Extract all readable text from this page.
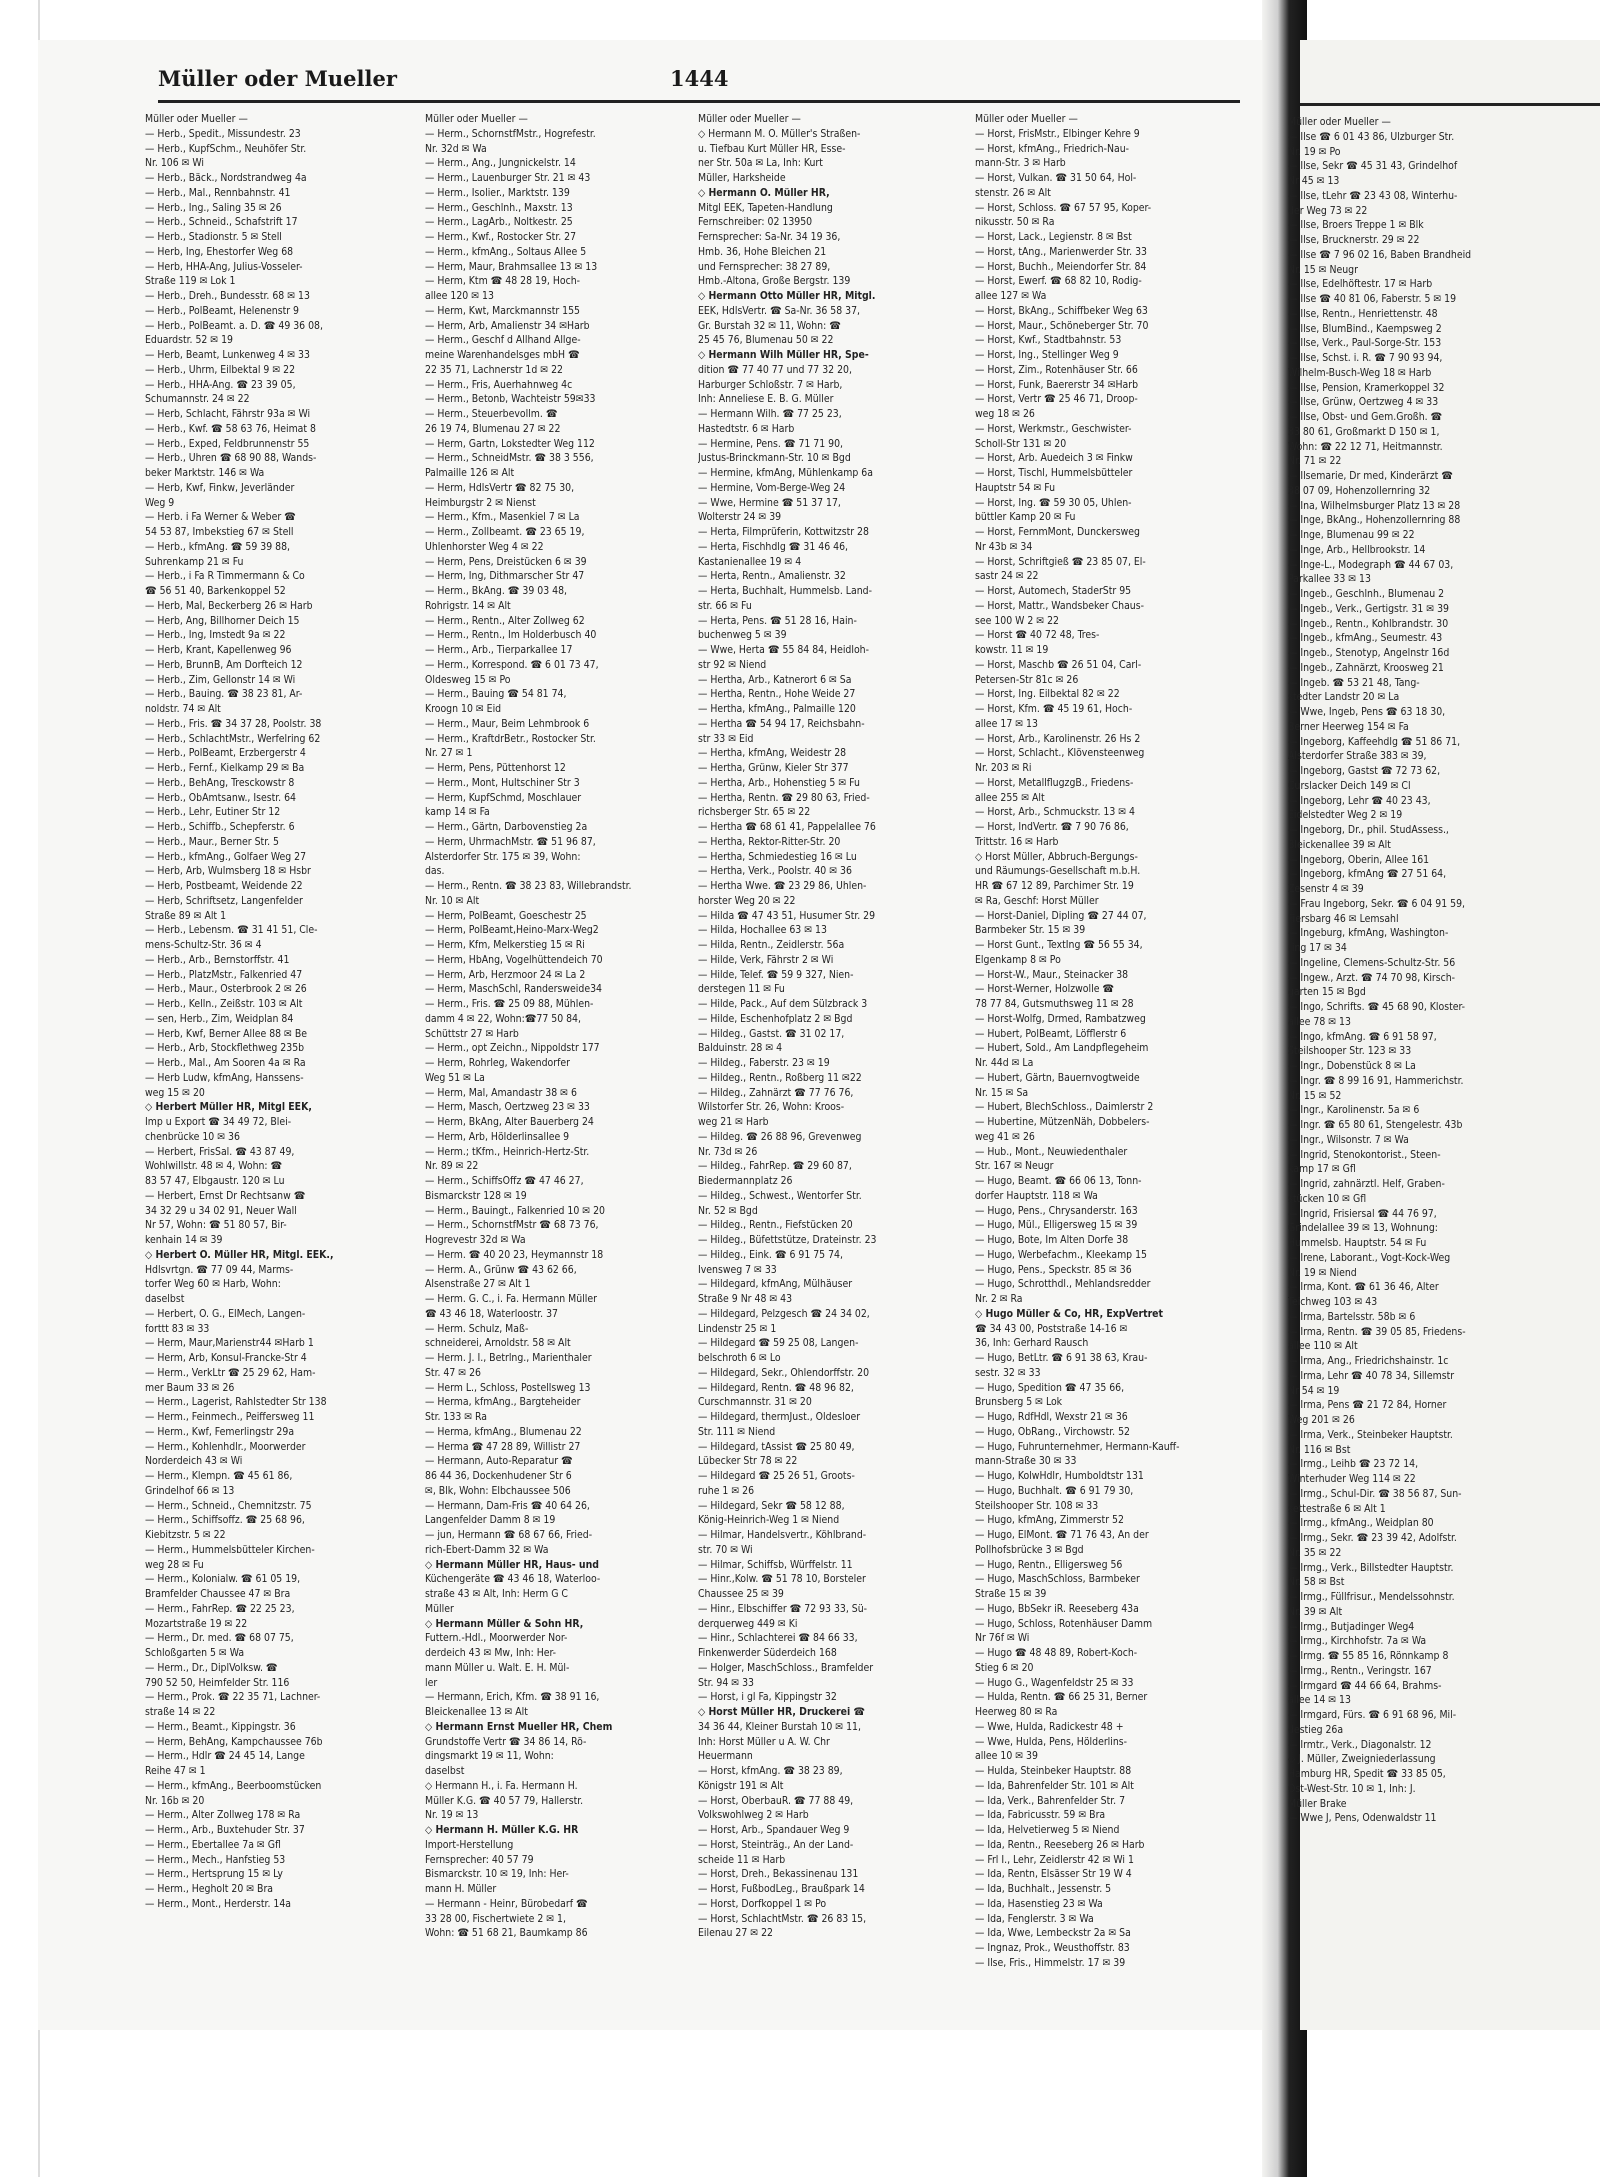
Müller oder Mueller	1444
Müller oder Mueller —
— Herb., Spedit., Missundestr. 23
— Herb., KupfSchm., Neuhöfer Str.
Nr. 106 ✉ Wi
— Herb., Bäck., Nordstrandweg 4a
— Herb., Mal., Rennbahnstr. 41
— Herb., Ing., Saling 35 ✉ 26
— Herb., Schneid., Schafstrift 17
— Herb., Stadionstr. 5 ✉ Stell
— Herb, Ing, Ehestorfer Weg 68
— Herb, HHA-Ang, Julius-Vosseler-
Straße 119 ✉ Lok 1
— Herb., Dreh., Bundesstr. 68 ✉ 13
— Herb., PolBeamt, Helenenstr 9
— Herb., PolBeamt. a. D. ☎ 49 36 08,
Eduardstr. 52 ✉ 19
— Herb, Beamt, Lunkenweg 4 ✉ 33
— Herb., Uhrm, Eilbektal 9 ✉ 22
— Herb., HHA-Ang. ☎ 23 39 05,
Schumannstr. 24 ✉ 22
— Herb, Schlacht, Fährstr 93a ✉ Wi
— Herb., Kwf. ☎ 58 63 76, Heimat 8
— Herb., Exped, Feldbrunnenstr 55
— Herb., Uhren ☎ 68 90 88, Wands-
beker Marktstr. 146 ✉ Wa
— Herb, Kwf, Finkw, Jeverländer
Weg 9
— Herb. i Fa Werner & Weber ☎
54 53 87, Imbekstieg 67 ✉ Stell
— Herb., kfmAng. ☎ 59 39 88,
Suhrenkamp 21 ✉ Fu
— Herb., i Fa R Timmermann & Co
☎ 56 51 40, Barkenkoppel 52
— Herb, Mal, Beckerberg 26 ✉ Harb
— Herb, Ang, Billhorner Deich 15
— Herb., Ing, Imstedt 9a ✉ 22
— Herb, Krant, Kapellenweg 96
— Herb, BrunnB, Am Dorfteich 12
— Herb., Zim, Gellonstr 14 ✉ Wi
— Herb., Bauing. ☎ 38 23 81, Ar-
noldstr. 74 ✉ Alt
— Herb., Fris. ☎ 34 37 28, Poolstr. 38
— Herb., SchlachtMstr., Werfelring 62
— Herb., PolBeamt, Erzbergerstr 4
— Herb., Fernf., Kielkamp 29 ✉ Ba
— Herb., BehAng, Tresckowstr 8
— Herb., ObAmtsanw., Isestr. 64
— Herb., Lehr, Eutiner Str 12
— Herb., Schiffb., Schepferstr. 6
— Herb., Maur., Berner Str. 5
— Herb., kfmAng., Golfaer Weg 27
— Herb, Arb, Wulmsberg 18 ✉ Hsbr
— Herb, Postbeamt, Weidende 22
— Herb, Schriftsetz, Langenfelder
Straße 89 ✉ Alt 1
— Herb., Lebensm. ☎ 31 41 51, Cle-
mens-Schultz-Str. 36 ✉ 4
— Herb., Arb., Bernstorffstr. 41
— Herb., PlatzMstr., Falkenried 47
— Herb., Maur., Osterbrook 2 ✉ 26
— Herb., Kelln., Zeißstr. 103 ✉ Alt
— sen, Herb., Zim, Weidplan 84
— Herb, Kwf, Berner Allee 88 ✉ Be
— Herb., Arb, Stockflethweg 235b
— Herb., Mal., Am Sooren 4a ✉ Ra
— Herb Ludw, kfmAng, Hanssens-
weg 15 ✉ 20
◇ Herbert Müller HR, Mitgl EEK,
Imp u Export ☎ 34 49 72, Blei-
chenbrücke 10 ✉ 36
— Herbert, FrisSal. ☎ 43 87 49,
Wohlwillstr. 48 ✉ 4, Wohn: ☎
83 57 47, Elbgaustr. 120 ✉ Lu
— Herbert, Ernst Dr Rechtsanw ☎
34 32 29 u 34 02 91, Neuer Wall
Nr 57, Wohn: ☎ 51 80 57, Bir-
kenhain 14 ✉ 39
◇ Herbert O. Müller HR, Mitgl. EEK.,
Hdlsvrtgn. ☎ 77 09 44, Marms-
torfer Weg 60 ✉ Harb, Wohn:
daselbst
— Herbert, O. G., ElMech, Langen-
forttt 83 ✉ 33
— Herm, Maur,Marienstr44 ✉Harb 1
— Herm, Arb, Konsul-Francke-Str 4
— Herm., VerkLtr ☎ 25 29 62, Ham-
mer Baum 33 ✉ 26
— Herm., Lagerist, Rahlstedter Str 138
— Herm., Feinmech., Peiffersweg 11
— Herm., Kwf, Femerlingstr 29a
— Herm., Kohlenhdlr., Moorwerder
Norderdeich 43 ✉ Wi
— Herm., Klempn. ☎ 45 61 86,
Grindelhof 66 ✉ 13
— Herm., Schneid., Chemnitzstr. 75
— Herm., Schiffsoffz. ☎ 25 68 96,
Kiebitzstr. 5 ✉ 22
— Herm., Hummelsbütteler Kirchen-
weg 28 ✉ Fu
— Herm., Kolonialw. ☎ 61 05 19,
Bramfelder Chaussee 47 ✉ Bra
— Herm., FahrRep. ☎ 22 25 23,
Mozartstraße 19 ✉ 22
— Herm., Dr. med. ☎ 68 07 75,
Schloßgarten 5 ✉ Wa
— Herm., Dr., DiplVolksw. ☎
790 52 50, Heimfelder Str. 116
— Herm., Prok. ☎ 22 35 71, Lachner-
straße 14 ✉ 22
— Herm., Beamt., Kippingstr. 36
— Herm, BehAng, Kampchaussee 76b
— Herm., Hdlr ☎ 24 45 14, Lange
Reihe 47 ✉ 1
— Herm., kfmAng., Beerboomstücken
Nr. 16b ✉ 20
— Herm., Alter Zollweg 178 ✉ Ra
— Herm., Arb., Buxtehuder Str. 37
— Herm., Ebertallee 7a ✉ Gfl
— Herm., Mech., Hanfstieg 53
— Herm., Hertsprung 15 ✉ Ly
— Herm., Hegholt 20 ✉ Bra
— Herm., Mont., Herderstr. 14a
Müller oder Mueller —
— Herm., SchornstfMstr., Hogrefestr.
Nr. 32d ✉ Wa
— Herm., Ang., Jungnickelstr. 14
— Herm., Lauenburger Str. 21 ✉ 43
— Herm., Isolier., Marktstr. 139
— Herm., Geschlnh., Maxstr. 13
— Herm., LagArb., Noltkestr. 25
— Herm., Kwf., Rostocker Str. 27
— Herm., kfmAng., Soltaus Allee 5
— Herm, Maur, Brahmsallee 13 ✉ 13
— Herm, Ktm ☎ 48 28 19, Hoch-
allee 120 ✉ 13
— Herm, Kwt, Marckmannstr 155
— Herm, Arb, Amalienstr 34 ✉Harb
— Herm., Geschf d Allhand Allge-
meine Warenhandelsges mbH ☎
22 35 71, Lachnerstr 1d ✉ 22
— Herm., Fris, Auerhahnweg 4c
— Herm., Betonb, Wachteistr 59✉33
— Herm., Steuerbevollm. ☎
26 19 74, Blumenau 27 ✉ 22
— Herm, Gartn, Lokstedter Weg 112
— Herm., SchneidMstr. ☎ 38 3 556,
Palmaille 126 ✉ Alt
— Herm, HdlsVertr ☎ 82 75 30,
Heimburgstr 2 ✉ Nienst
— Herm., Kfm., Masenkiel 7 ✉ La
— Herm., Zollbeamt. ☎ 23 65 19,
Uhlenhorster Weg 4 ✉ 22
— Herm, Pens, Dreistücken 6 ✉ 39
— Herm, Ing, Dithmarscher Str 47
— Herm., BkAng. ☎ 39 03 48,
Rohrigstr. 14 ✉ Alt
— Herm., Rentn., Alter Zollweg 62
— Herm., Rentn., Im Holderbusch 40
— Herm., Arb., Tierparkallee 17
— Herm., Korrespond. ☎ 6 01 73 47,
Oldesweg 15 ✉ Po
— Herm., Bauing ☎ 54 81 74,
Kroogn 10 ✉ Eid
— Herm., Maur, Beim Lehmbrook 6
— Herm., KraftdrBetr., Rostocker Str.
Nr. 27 ✉ 1
— Herm, Pens, Püttenhorst 12
— Herm., Mont, Hultschiner Str 3
— Herm, KupfSchmd, Moschlauer
kamp 14 ✉ Fa
— Herm., Gärtn, Darbovenstieg 2a
— Herm, UhrmachMstr. ☎ 51 96 87,
Alsterdorfer Str. 175 ✉ 39, Wohn:
das.
— Herm., Rentn. ☎ 38 23 83, Willebrandstr.
Nr. 10 ✉ Alt
— Herm, PolBeamt, Goeschestr 25
— Herm, PolBeamt,Heino-Marx-Weg2
— Herm, Kfm, Melkerstieg 15 ✉ Ri
— Herm, HbAng, Vogelhüttendeich 70
— Herm, Arb, Herzmoor 24 ✉ La 2
— Herm, MaschSchl, Randersweide34
— Herm., Fris. ☎ 25 09 88, Mühlen-
damm 4 ✉ 22, Wohn:☎77 50 84,
Schüttstr 27 ✉ Harb
— Herm., opt Zeichn., Nippoldstr 177
— Herm, Rohrleg, Wakendorfer
Weg 51 ✉ La
— Herm, Mal, Amandastr 38 ✉ 6
— Herm, Masch, Oertzweg 23 ✉ 33
— Herm, BkAng, Alter Bauerberg 24
— Herm, Arb, Hölderlinsallee 9
— Herm.; tKfm., Heinrich-Hertz-Str.
Nr. 89 ✉ 22
— Herm., SchiffsOffz ☎ 47 46 27,
Bismarckstr 128 ✉ 19
— Herm., Bauingt., Falkenried 10 ✉ 20
— Herm., SchornstfMstr ☎ 68 73 76,
Hogrevestr 32d ✉ Wa
— Herm. ☎ 40 20 23, Heymannstr 18
— Herm. A., Grünw ☎ 43 62 66,
Alsenstraße 27 ✉ Alt 1
— Herm. G. C., i. Fa. Hermann Müller
☎ 43 46 18, Waterloostr. 37
— Herm. Schulz, Maß-
schneiderei, Arnoldstr. 58 ✉ Alt
— Herm. J. I., Betrlng., Marienthaler
Str. 47 ✉ 26
— Herm L., Schloss, Postellsweg 13
— Herma, kfmAng., Bargteheider
Str. 133 ✉ Ra
— Herma, kfmAng., Blumenau 22
— Herma ☎ 47 28 89, Willistr 27
— Hermann, Auto-Reparatur ☎
86 44 36, Dockenhudener Str 6
✉, Blk, Wohn: Elbchaussee 506
— Hermann, Dam-Fris ☎ 40 64 26,
Langenfelder Damm 8 ✉ 19
— jun, Hermann ☎ 68 67 66, Fried-
rich-Ebert-Damm 32 ✉ Wa
◇ Hermann Müller HR, Haus- und
Küchengeräte ☎ 43 46 18, Waterloo-
straße 43 ✉ Alt, Inh: Herm G C
Müller
◇ Hermann Müller & Sohn HR,
Futtern.-Hdl., Moorwerder Nor-
derdeich 43 ✉ Mw, Inh: Her-
mann Müller u. Walt. E. H. Mül-
ler
— Hermann, Erich, Kfm. ☎ 38 91 16,
Bleickenallee 13 ✉ Alt
◇ Hermann Ernst Mueller HR, Chem
Grundstoffe Vertr ☎ 34 86 14, Rö-
dingsmarkt 19 ✉ 11, Wohn:
daselbst
◇ Hermann H., i. Fa. Hermann H.
Müller K.G. ☎ 40 57 79, Hallerstr.
Nr. 19 ✉ 13
◇ Hermann H. Müller K.G. HR
Import-Herstellung
Fernsprecher: 40 57 79
Bismarckstr. 10 ✉ 19, Inh: Her-
mann H. Müller
— Hermann - Heinr, Bürobedarf ☎
33 28 00, Fischertwiete 2 ✉ 1,
Wohn: ☎ 51 68 21, Baumkamp 86
Müller oder Mueller —
◇ Hermann M. O. Müller's Straßen-
u. Tiefbau Kurt Müller HR, Esse-
ner Str. 50a ✉ La, Inh: Kurt
Müller, Harksheide
◇ Hermann O. Müller HR,
Mitgl EEK, Tapeten-Handlung
Fernschreiber: 02 13950
Fernsprecher: Sa-Nr. 34 19 36,
Hmb. 36, Hohe Bleichen 21
und Fernsprecher: 38 27 89,
Hmb.-Altona, Große Bergstr. 139
◇ Hermann Otto Müller HR, Mitgl.
EEK, HdlsVertr. ☎ Sa-Nr. 36 58 37,
Gr. Burstah 32 ✉ 11, Wohn: ☎
25 45 76, Blumenau 50 ✉ 22
◇ Hermann Wilh Müller HR, Spe-
dition ☎ 77 40 77 und 77 32 20,
Harburger Schloßstr. 7 ✉ Harb,
Inh: Anneliese E. B. G. Müller
— Hermann Wilh. ☎ 77 25 23,
Hastedtstr. 6 ✉ Harb
— Hermine, Pens. ☎ 71 71 90,
Justus-Brinckmann-Str. 10 ✉ Bgd
— Hermine, kfmAng, Mühlenkamp 6a
— Hermine, Vom-Berge-Weg 24
— Wwe, Hermine ☎ 51 37 17,
Wolterstr 24 ✉ 39
— Herta, Filmprüferin, Kottwitzstr 28
— Herta, Fischhdlg ☎ 31 46 46,
Kastanienallee 19 ✉ 4
— Herta, Rentn., Amalienstr. 32
— Herta, Buchhalt, Hummelsb. Land-
str. 66 ✉ Fu
— Herta, Pens. ☎ 51 28 16, Hain-
buchenweg 5 ✉ 39
— Wwe, Herta ☎ 55 84 84, Heidloh-
str 92 ✉ Niend
— Hertha, Arb., Katnerort 6 ✉ Sa
— Hertha, Rentn., Hohe Weide 27
— Hertha, kfmAng., Palmaille 120
— Hertha ☎ 54 94 17, Reichsbahn-
str 33 ✉ Eid
— Hertha, kfmAng, Weidestr 28
— Hertha, Grünw, Kieler Str 377
— Hertha, Arb., Hohenstieg 5 ✉ Fu
— Hertha, Rentn. ☎ 29 80 63, Fried-
richsberger Str. 65 ✉ 22
— Hertha ☎ 68 61 41, Pappelallee 76
— Hertha, Rektor-Ritter-Str. 20
— Hertha, Schmiedestieg 16 ✉ Lu
— Hertha, Verk., Poolstr. 40 ✉ 36
— Hertha Wwe. ☎ 23 29 86, Uhlen-
horster Weg 20 ✉ 22
— Hilda ☎ 47 43 51, Husumer Str. 29
— Hilda, Hochallee 63 ✉ 13
— Hilda, Rentn., Zeidlerstr. 56a
— Hilde, Verk, Fährstr 2 ✉ Wi
— Hilde, Telef. ☎ 59 9 327, Nien-
derstegen 11 ✉ Fu
— Hilde, Pack., Auf dem Sülzbrack 3
— Hilde, Eschenhofplatz 2 ✉ Bgd
— Hildeg., Gastst. ☎ 31 02 17,
Balduinstr. 28 ✉ 4
— Hildeg., Faberstr. 23 ✉ 19
— Hildeg., Rentn., Roßberg 11 ✉22
— Hildeg., Zahnärzt ☎ 77 76 76,
Wilstorfer Str. 26, Wohn: Kroos-
weg 21 ✉ Harb
— Hildeg. ☎ 26 88 96, Grevenweg
Nr. 73d ✉ 26
— Hildeg., FahrRep. ☎ 29 60 87,
Biedermannplatz 26
— Hildeg., Schwest., Wentorfer Str.
Nr. 52 ✉ Bgd
— Hildeg., Rentn., Fiefstücken 20
— Hildeg., Büfettstütze, Drateinstr. 23
— Hildeg., Eink. ☎ 6 91 75 74,
Ivensweg 7 ✉ 33
— Hildegard, kfmAng, Mülhäuser
Straße 9 Nr 48 ✉ 43
— Hildegard, Pelzgesch ☎ 24 34 02,
Lindenstr 25 ✉ 1
— Hildegard ☎ 59 25 08, Langen-
belschroth 6 ✉ Lo
— Hildegard, Sekr., Ohlendorffstr. 20
— Hildegard, Rentn. ☎ 48 96 82,
Curschmannstr. 31 ✉ 20
— Hildegard, thermJust., Oldesloer
Str. 111 ✉ Niend
— Hildegard, tAssist ☎ 25 80 49,
Lübecker Str 78 ✉ 22
— Hildegard ☎ 25 26 51, Groots-
ruhe 1 ✉ 26
— Hildegard, Sekr ☎ 58 12 88,
König-Heinrich-Weg 1 ✉ Niend
— Hilmar, Handelsvertr., Köhlbrand-
str. 70 ✉ Wi
— Hilmar, Schiffsb, Würffelstr. 11
— Hinr.,Kolw. ☎ 51 78 10, Borsteler
Chaussee 25 ✉ 39
— Hinr., Elbschiffer ☎ 72 93 33, Sü-
derquerweg 449 ✉ Ki
— Hinr., Schlachterei ☎ 84 66 33,
Finkenwerder Süderdeich 168
— Holger, MaschSchloss., Bramfelder
Str. 94 ✉ 33
— Horst, i gl Fa, Kippingstr 32
◇ Horst Müller HR, Druckerei ☎
34 36 44, Kleiner Burstah 10 ✉ 11,
Inh: Horst Müller u A. W. Chr
Heuermann
— Horst, kfmAng. ☎ 38 23 89,
Königstr 191 ✉ Alt
— Horst, OberbauR. ☎ 77 88 49,
Volkswohlweg 2 ✉ Harb
— Horst, Arb., Spandauer Weg 9
— Horst, Steinträg., An der Land-
scheide 11 ✉ Harb
— Horst, Dreh., Bekassinenau 131
— Horst, FußbodLeg., Braußpark 14
— Horst, Dorfkoppel 1 ✉ Po
— Horst, SchlachtMstr. ☎ 26 83 15,
Eilenau 27 ✉ 22
Müller oder Mueller —
— Horst, FrisMstr., Elbinger Kehre 9
— Horst, kfmAng., Friedrich-Nau-
mann-Str. 3 ✉ Harb
— Horst, Vulkan. ☎ 31 50 64, Hol-
stenstr. 26 ✉ Alt
— Horst, Schloss. ☎ 67 57 95, Koper-
nikusstr. 50 ✉ Ra
— Horst, Lack., Legienstr. 8 ✉ Bst
— Horst, tAng., Marienwerder Str. 33
— Horst, Buchh., Meiendorfer Str. 84
— Horst, Ewerf. ☎ 68 82 10, Rodig-
allee 127 ✉ Wa
— Horst, BkAng., Schiffbeker Weg 63
— Horst, Maur., Schöneberger Str. 70
— Horst, Kwf., Stadtbahnstr. 53
— Horst, Ing., Stellinger Weg 9
— Horst, Zim., Rotenhäuser Str. 66
— Horst, Funk, Baererstr 34 ✉Harb
— Horst, Vertr ☎ 25 46 71, Droop-
weg 18 ✉ 26
— Horst, Werkmstr., Geschwister-
Scholl-Str 131 ✉ 20
— Horst, Arb. Auedeich 3 ✉ Finkw
— Horst, Tischl, Hummelsbütteler
Hauptstr 54 ✉ Fu
— Horst, Ing. ☎ 59 30 05, Uhlen-
büttler Kamp 20 ✉ Fu
— Horst, FernmMont, Dunckersweg
Nr 43b ✉ 34
— Horst, Schriftgieß ☎ 23 85 07, El-
sastr 24 ✉ 22
— Horst, Automech, StaderStr 95
— Horst, Mattr., Wandsbeker Chaus-
see 100 W 2 ✉ 22
— Horst ☎ 40 72 48, Tres-
kowstr. 11 ✉ 19
— Horst, Maschb ☎ 26 51 04, Carl-
Petersen-Str 81c ✉ 26
— Horst, Ing. Eilbektal 82 ✉ 22
— Horst, Kfm. ☎ 45 19 61, Hoch-
allee 17 ✉ 13
— Horst, Arb., Karolinenstr. 26 Hs 2
— Horst, Schlacht., Klövensteenweg
Nr. 203 ✉ Ri
— Horst, MetallflugzgB., Friedens-
allee 255 ✉ Alt
— Horst, Arb., Schmuckstr. 13 ✉ 4
— Horst, IndVertr. ☎ 7 90 76 86,
Trittstr. 16 ✉ Harb
◇ Horst Müller, Abbruch-Bergungs-
und Räumungs-Gesellschaft m.b.H.
HR ☎ 67 12 89, Parchimer Str. 19
✉ Ra, Geschf: Horst Müller
— Horst-Daniel, Dipling ☎ 27 44 07,
Barmbeker Str. 15 ✉ 39
— Horst Gunt., TextIng ☎ 56 55 34,
Elgenkamp 8 ✉ Po
— Horst-W., Maur., Steinacker 38
— Horst-Werner, Holzwolle ☎
78 77 84, Gutsmuthsweg 11 ✉ 28
— Horst-Wolfg, Drmed, Rambatzweg
— Hubert, PolBeamt, Löfflerstr 6
— Hubert, Sold., Am Landpflegeheim
Nr. 44d ✉ La
— Hubert, Gärtn, Bauernvogtweide
Nr. 15 ✉ Sa
— Hubert, BlechSchloss., Daimlerstr 2
— Hubertine, MützenNäh, Dobbelers-
weg 41 ✉ 26
— Hub., Mont., Neuwiedenthaler
Str. 167 ✉ Neugr
— Hugo, Beamt. ☎ 66 06 13, Tonn-
dorfer Hauptstr. 118 ✉ Wa
— Hugo, Pens., Chrysanderstr. 163
— Hugo, Mül., Elligersweg 15 ✉ 39
— Hugo, Bote, Im Alten Dorfe 38
— Hugo, Werbefachm., Kleekamp 15
— Hugo, Pens., Speckstr. 85 ✉ 36
— Hugo, Schrotthdl., Mehlandsredder
Nr. 2 ✉ Ra
◇ Hugo Müller & Co, HR, ExpVertret
☎ 34 43 00, Poststraße 14-16 ✉
36, Inh: Gerhard Rausch
— Hugo, BetLtr. ☎ 6 91 38 63, Krau-
sestr. 32 ✉ 33
— Hugo, Spedition ☎ 47 35 66,
Brunsberg 5 ✉ Lok
— Hugo, RdfHdl, Wexstr 21 ✉ 36
— Hugo, ObRang., Virchowstr. 52
— Hugo, Fuhrunternehmer, Hermann-Kauff-
mann-Straße 30 ✉ 33
— Hugo, KolwHdlr, Humboldtstr 131
— Hugo, Buchhalt. ☎ 6 91 79 30,
Steilshooper Str. 108 ✉ 33
— Hugo, kfmAng, Zimmerstr 52
— Hugo, ElMont. ☎ 71 76 43, An der
Pollhofsbrücke 3 ✉ Bgd
— Hugo, Rentn., Elligersweg 56
— Hugo, MaschSchloss, Barmbeker
Straße 15 ✉ 39
— Hugo, BbSekr iR. Reeseberg 43a
— Hugo, Schloss, Rotenhäuser Damm
Nr 76f ✉ Wi
— Hugo ☎ 48 48 89, Robert-Koch-
Stieg 6 ✉ 20
— Hugo G., Wagenfeldstr 25 ✉ 33
— Hulda, Rentn. ☎ 66 25 31, Berner
Heerweg 80 ✉ Ra
— Wwe, Hulda, Radickestr 48 +
— Wwe, Hulda, Pens, Hölderlins-
allee 10 ✉ 39
— Hulda, Steinbeker Hauptstr. 88
— Ida, Bahrenfelder Str. 101 ✉ Alt
— Ida, Verk., Bahrenfelder Str. 7
— Ida, Fabricusstr. 59 ✉ Bra
— Ida, Helvetierweg 5 ✉ Niend
— Ida, Rentn., Reeseberg 26 ✉ Harb
— Frl I., Lehr, Zeidlerstr 42 ✉ Wi 1
— Ida, Rentn, Elsässer Str 19 W 4
— Ida, Buchhalt., Jessenstr. 5
— Ida, Hasenstieg 23 ✉ Wa
— Ida, Fenglerstr. 3 ✉ Wa
— Ida, Wwe, Lembeckstr 2a ✉ Sa
— Ingnaz, Prok., Weusthoffstr. 83
— Ilse, Fris., Himmelstr. 17 ✉ 39
Müller oder Mueller —
— Ilse ☎ 6 01 43 86, Ulzburger Str.
Nr. 19 ✉ Po
— Ilse, Sekr ☎ 45 31 43, Grindelhof
Nr 45 ✉ 13
— Ilse, tLehr ☎ 23 43 08, Winterhu-
der Weg 73 ✉ 22
— Ilse, Broers Treppe 1 ✉ Blk
— Ilse, Brucknerstr. 29 ✉ 22
— Ilse ☎ 7 96 02 16, Baben Brandheid
Nr. 15 ✉ Neugr
— Ilse, Edelhöftestr. 17 ✉ Harb
— Ilse ☎ 40 81 06, Faberstr. 5 ✉ 19
— Ilse, Rentn., Henriettenstr. 48
— Ilse, BlumBind., Kaempsweg 2
— Ilse, Verk., Paul-Sorge-Str. 153
— Ilse, Schst. i. R. ☎ 7 90 93 94,
Wilhelm-Busch-Weg 18 ✉ Harb
— Ilse, Pension, Kramerkoppel 32
— Ilse, Grünw, Oertzweg 4 ✉ 33
— Ilse, Obst- und Gem.Großh. ☎
33 80 61, Großmarkt D 150 ✉ 1,
Wohn: ☎ 22 12 71, Heitmannstr.
Nr. 71 ✉ 22
— Ilsemarie, Dr med, Kinderärzt ☎
38 07 09, Hohenzollernring 32
— Ina, Wilhelmsburger Platz 13 ✉ 28
— Inge, BkAng., Hohenzollernring 88
— Inge, Blumenau 99 ✉ 22
— Inge, Arb., Hellbrookstr. 14
— Inge-L., Modegraph ☎ 44 67 03,
Parkallee 33 ✉ 13
— Ingeb., Geschlnh., Blumenau 2
— Ingeb., Verk., Gertigstr. 31 ✉ 39
— Ingeb., Rentn., Kohlbrandstr. 30
— Ingeb., kfmAng., Seumestr. 43
— Ingeb., Stenotyp, Angelnstr 16d
— Ingeb., Zahnärzt, Kroosweg 21
— Ingeb. ☎ 53 21 48, Tang-
stedter Landstr 20 ✉ La
— Wwe, Ingeb, Pens ☎ 63 18 30,
Berner Heerweg 154 ✉ Fa
— Ingeborg, Kaffeehdlg ☎ 51 86 71,
Alsterdorfer Straße 383 ✉ 39,
— Ingeborg, Gastst ☎ 72 73 62,
Curslacker Deich 149 ✉ Cl
— Ingeborg, Lehr ☎ 40 23 43,
Eidelstedter Weg 2 ✉ 19
— Ingeborg, Dr., phil. StudAssess.,
Bleickenallee 39 ✉ Alt
— Ingeborg, Oberin, Allee 161
— Ingeborg, kfmAng ☎ 27 51 64,
Zesenstr 4 ✉ 39
— Frau Ingeborg, Sekr. ☎ 6 04 91 59,
Fiersbarg 46 ✉ Lemsahl
— Ingeburg, kfmAng, Washington-
ring 17 ✉ 34
— Ingeline, Clemens-Schultz-Str. 56
— Ingew., Arzt. ☎ 74 70 98, Kirsch-
garten 15 ✉ Bgd
— Ingo, Schrifts. ☎ 45 68 90, Kloster-
allee 78 ✉ 13
— Ingo, kfmAng. ☎ 6 91 58 97,
Steilshooper Str. 123 ✉ 33
— Ingr., Dobenstück 8 ✉ La
— Ingr. ☎ 8 99 16 91, Hammerichstr.
Nr. 15 ✉ 52
— Ingr., Karolinenstr. 5a ✉ 6
— Ingr. ☎ 65 80 61, Stengelestr. 43b
— Ingr., Wilsonstr. 7 ✉ Wa
— Ingrid, Stenokontorist., Steen-
kamp 17 ✉ Gfl
— Ingrid, zahnärztl. Helf, Graben-
stücken 10 ✉ Gfl
— Ingrid, Frisiersal ☎ 44 76 97,
Grindelallee 39 ✉ 13, Wohnung:
Hummelsb. Hauptstr. 54 ✉ Fu
— Irene, Laborant., Vogt-Kock-Weg
Nr. 19 ✉ Niend
— Irma, Kont. ☎ 61 36 46, Alter
Teichweg 103 ✉ 43
— Irma, Bartelsstr. 58b ✉ 6
— Irma, Rentn. ☎ 39 05 85, Friedens-
allee 110 ✉ Alt
— Irma, Ang., Friedrichshainstr. 1c
— Irma, Lehr ☎ 40 78 34, Sillemstr
Nr 54 ✉ 19
— Irma, Pens ☎ 21 72 84, Horner
Weg 201 ✉ 26
— Irma, Verk., Steinbeker Hauptstr.
Nr. 116 ✉ Bst
— Irmg., Leihb ☎ 23 72 14,
Winterhuder Weg 114 ✉ 22
— Irmg., Schul-Dir. ☎ 38 56 87, Sun-
settestraße 6 ✉ Alt 1
— Irmg., kfmAng., Weidplan 80
— Irmg., Sekr. ☎ 23 39 42, Adolfstr.
Nr. 35 ✉ 22
— Irmg., Verk., Billstedter Hauptstr.
Nr. 58 ✉ Bst
— Irmg., Füllfrisur., Mendelssohnstr.
Nr. 39 ✉ Alt
— Irmg., Butjadinger Weg4
— Irmg., Kirchhofstr. 7a ✉ Wa
— Irmg. ☎ 55 85 16, Rönnkamp 8
— Irmg., Rentn., Veringstr. 167
— Irmgard ☎ 44 66 64, Brahms-
allee 14 ✉ 13
— Irmgard, Fürs. ☎ 6 91 68 96, Mil-
destieg 26a
— Irmtr., Verk., Diagonalstr. 12
◇ J. Müller, Zweigniederlassung
Hamburg HR, Spedit ☎ 33 85 05,
Ost-West-Str. 10 ✉ 1, Inh: J.
Müller Brake
— Wwe J, Pens, Odenwaldstr 11
